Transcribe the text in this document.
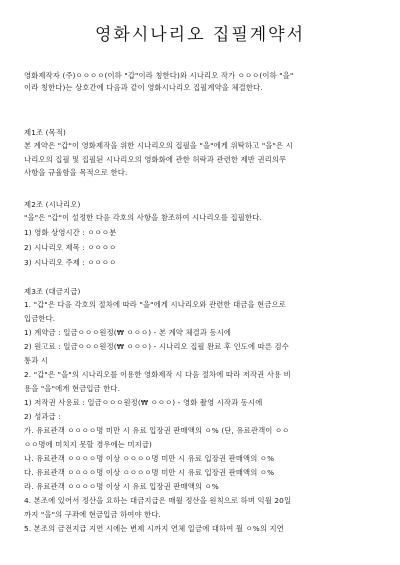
영화시나리오 집필계약서
영화제작자 (주)ㅇㅇㅇㅇ(이하 "갑"이라 칭한다)와 시나리오 작가 ㅇㅇㅇ(이하 "을"
이라 칭한다)는 상호간에 다음과 같이 영화시나리오 집필계약을 체결한다.
제1조 (목적)
본 계약은 "갑"이 영화제작을 위한 시나리오의 집필을 "을"에게 위탁하고 "을"은 시
나리오의 집필 및 집필된 시나리오의 영화화에 관한 허락과 관련한 제반 권리의무
사항을 규율함을 목적으로 한다.
제2조 (시나리오)
"을"은 "갑"이 설정한 다음 각호의 사항을 참조하여 시나리오를 집필한다.
1) 영화 상영시간 : ㅇㅇㅇ분
2) 시나리오 제목 : ㅇㅇㅇㅇ
3) 시나리오 주제 : ㅇㅇㅇㅇ
제3조 (대금지급)
1. "갑"은 다음 각호의 절차에 따라 "을"에게 시나리오와 관련한 대금을 현금으로
입금한다.
1) 계약금 : 일금ㅇㅇㅇ원정(₩ ㅇㅇㅇ) - 본 계약 체결과 동시에
2) 원고료 : 일금ㅇㅇㅇ원정(₩ ㅇㅇㅇ) - 시나리오 집필 완료 후 인도에 따른 검수
통과 시
2. "갑"은 "을"의 시나리오를 이용한 영화제작 시 다음 절차에 따라 저작권 사용 비
용을 "을"에게 현금입금 한다.
1) 저작권 사용료 : 일금ㅇㅇㅇ원정(₩ ㅇㅇㅇ) - 영화 촬영 시작과 동시에
2) 성과급 :
가. 유료관객 ㅇㅇㅇㅇ명 미만 시 유료 입장권 판매액의 ㅇ% (단, 유료관객이 ㅇㅇ
ㅇㅇ명에 미치지 못할 경우에는 미지급)
나. 유료관객 ㅇㅇㅇㅇ명 이상 ㅇㅇㅇㅇ명 미만 시 유료 입장권 판매액의 ㅇ%
다. 유료관객 ㅇㅇㅇㅇ명 이상 ㅇㅇㅇㅇ명 미만 시 유료 입장권 판매액의 ㅇ%
라. 유료관객 ㅇㅇㅇㅇ명 이상 시 유료 입장권 판매액의 ㅇ%
4. 본조에 있어서 정산을 요하는 대금지급은 매월 정산을 원칙으로 하며 익월 20일
까지 "을"의 구좌에 현금입금 하여야 한다.
5. 본조의 금전지급 지연 시에는 변제 시까지 연체 일금에 대하여 월 ㅇ%의 지연
